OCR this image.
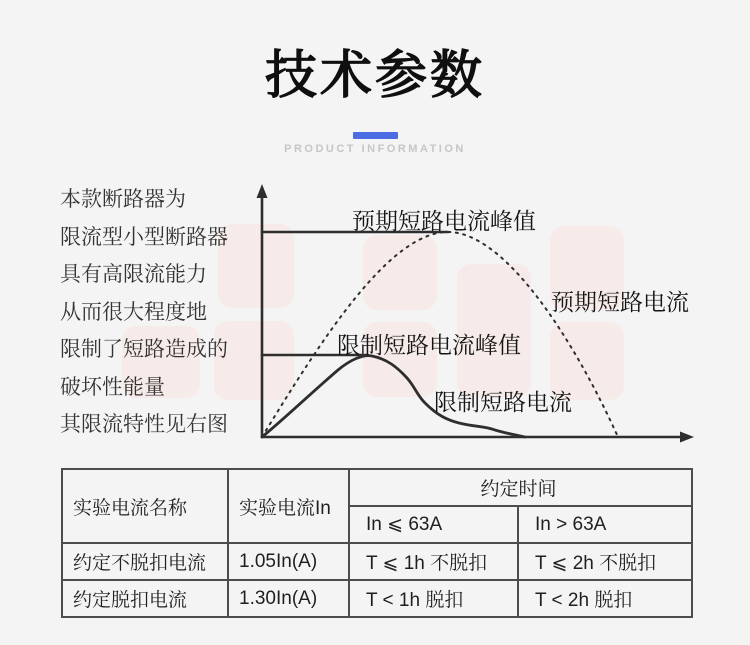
技术参数
PRODUCT INFORMATION
本款断路器为
限流型小型断路器
具有高限流能力
从而很大程度地
限制了短路造成的
破坏性能量
其限流特性见右图
预期短路电流峰值
预期短路电流
限制短路电流峰值
限制短路电流
实验电流名称	实验电流In	约定时间	
		In ⩽ 63A	In > 63A
约定不脱扣电流	1.05In(A)	T ⩽ 1h 不脱扣	T ⩽ 2h 不脱扣
约定脱扣电流	1.30In(A)	T < 1h 脱扣	T < 2h 脱扣
